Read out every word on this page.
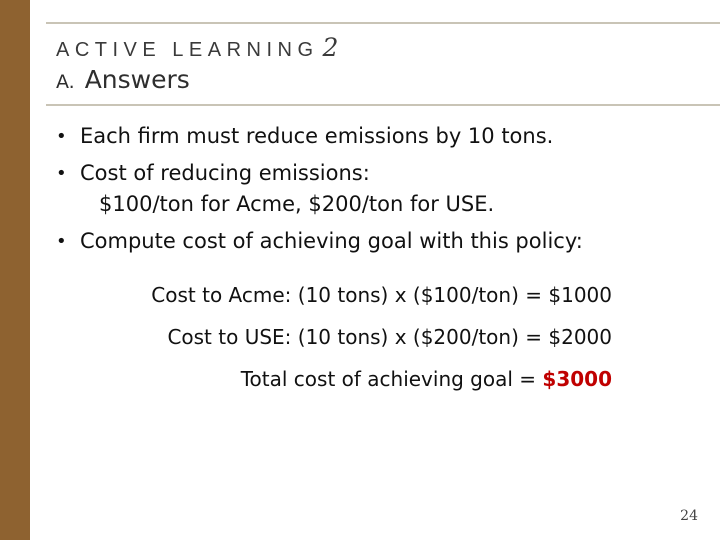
ACTIVE LEARNING 2
A. Answers
• Each firm must reduce emissions by 10 tons.
• Cost of reducing emissions:
$100/ton for Acme, $200/ton for USE.
• Compute cost of achieving goal with this policy:
Cost to Acme: (10 tons) x ($100/ton) = $1000
Cost to USE: (10 tons) x ($200/ton) = $2000
Total cost of achieving goal = $3000
24
